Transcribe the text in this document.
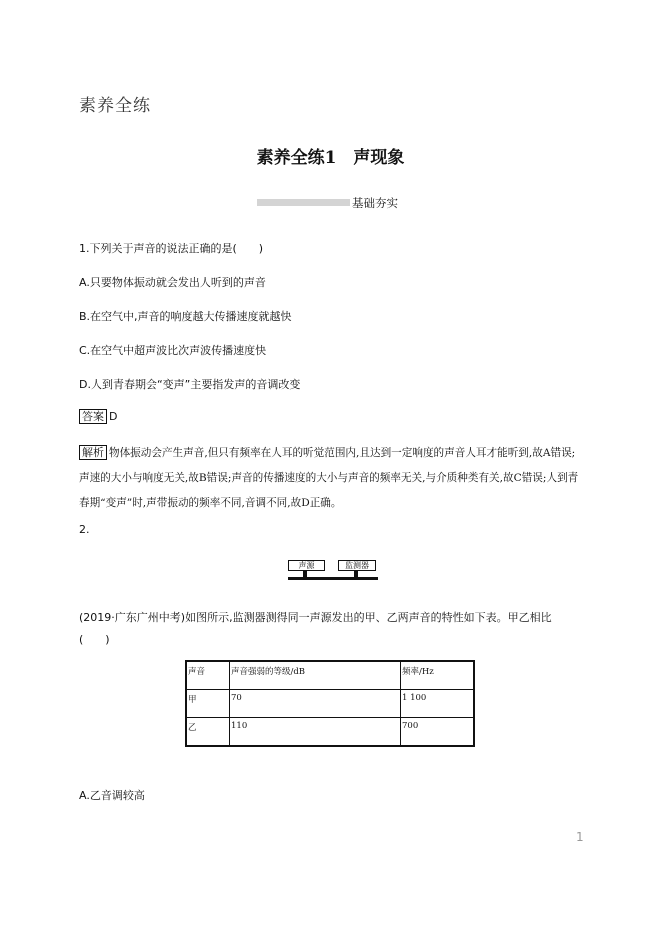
素养全练
素养全练1　声现象
基础夯实
1.下列关于声音的说法正确的是(　　)
A.只要物体振动就会发出人听到的声音
B.在空气中,声音的响度越大传播速度就越快
C.在空气中超声波比次声波传播速度快
D.人到青春期会“变声”主要指发声的音调改变
答案 D
解析 物体振动会产生声音,但只有频率在人耳的听觉范围内,且达到一定响度的声音人耳才能听到,故A错误;声速的大小与响度无关,故B错误;声音的传播速度的大小与声音的频率无关,与介质种类有关,故C错误;人到青春期“变声”时,声带振动的频率不同,音调不同,故D正确。
2.
声源	监测器
(2019·广东广州中考)如图所示,监测器测得同一声源发出的甲、乙两声音的特性如下表。甲乙相比
(　　)
声音	声音强弱的等级/dB	频率/Hz
甲	70	1 100
乙	110	700
A.乙音调较高
1
